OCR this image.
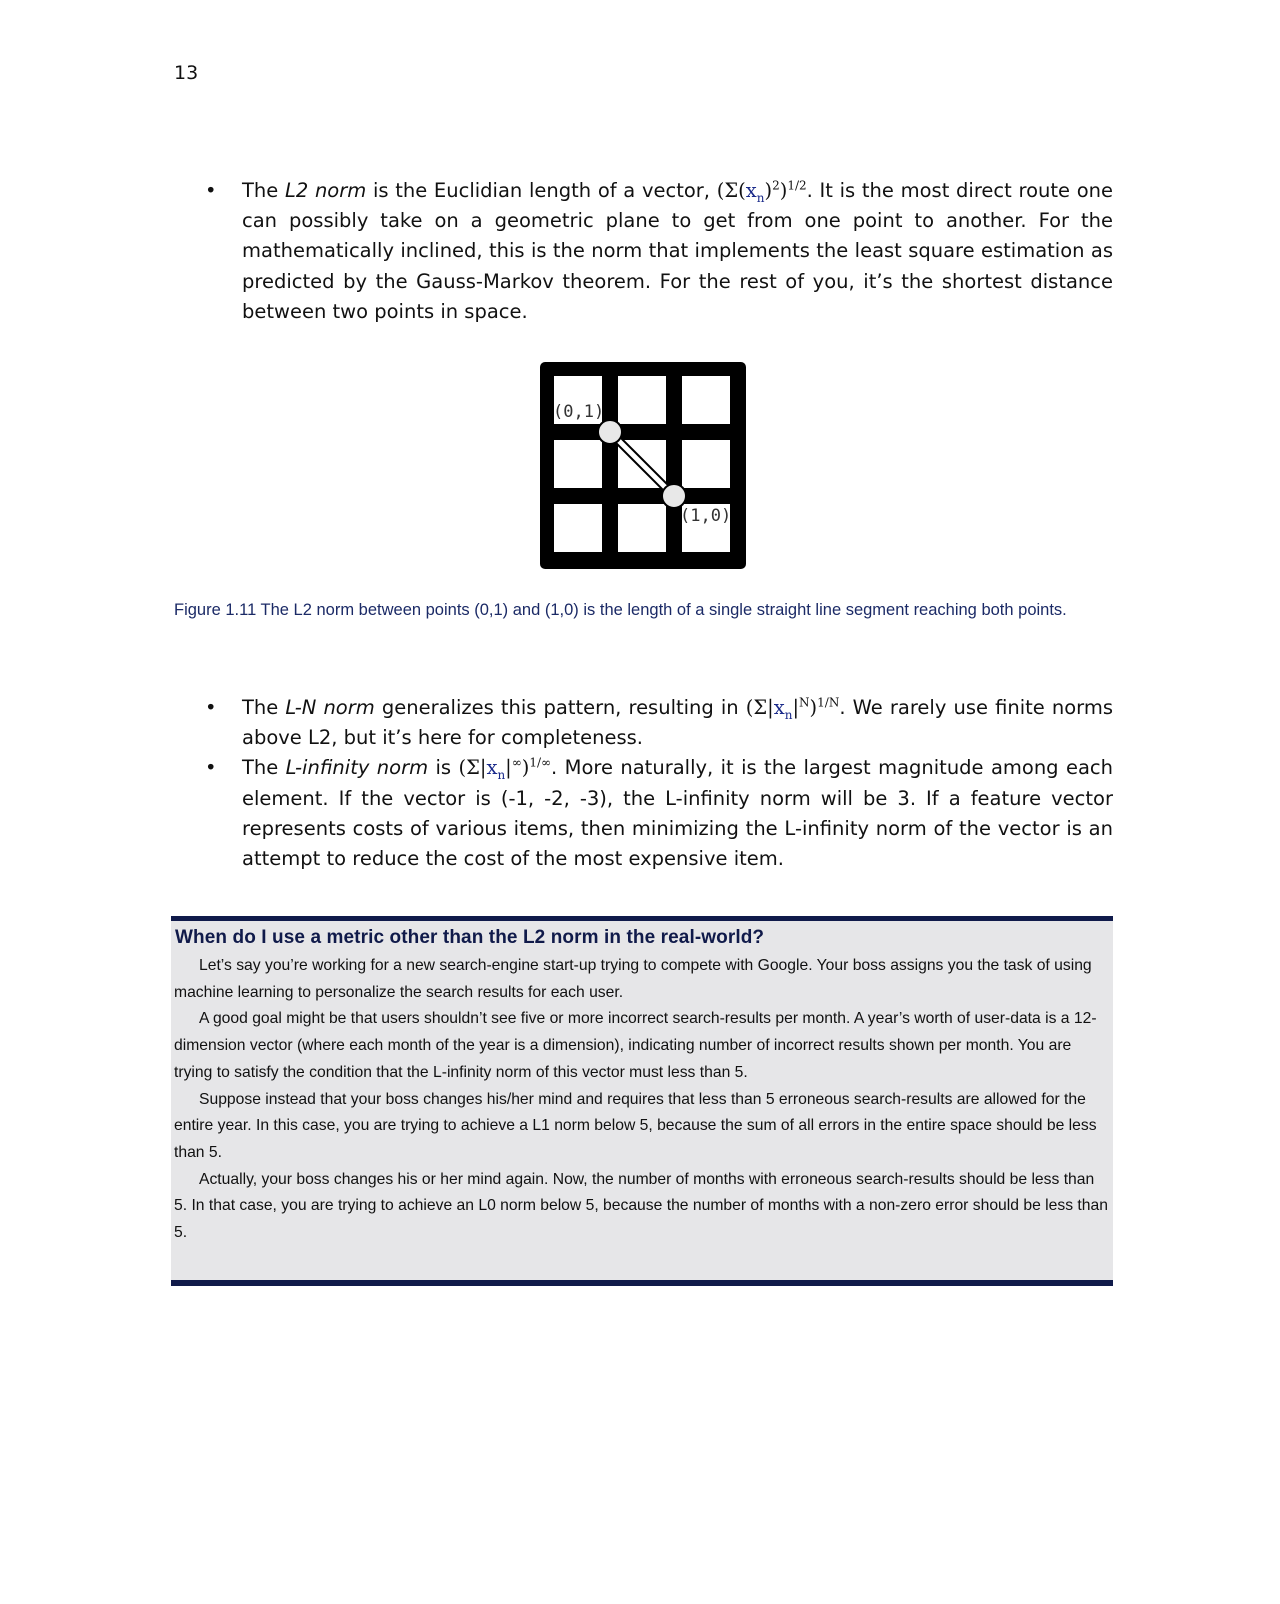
13
• The L2 norm is the Euclidian length of a vector, $(\Sigma(x_n)^2)^{1/2}$. It is the most direct route one can possibly take on a geometric plane to get from one point to another. For the mathematically inclined, this is the norm that implements the least square estimation as predicted by the Gauss-Markov theorem. For the rest of you, it’s the shortest distance between two points in space.
(0,1)
(1,0)
Figure 1.11 The L2 norm between points (0,1) and (1,0) is the length of a single straight line segment reaching both points.
• The L-N norm generalizes this pattern, resulting in $(\Sigma|x_n|^N)^{1/N}$. We rarely use finite norms above L2, but it’s here for completeness.
• The L-infinity norm is $(\Sigma|x_n|^\infty)^{1/\infty}$. More naturally, it is the largest magnitude among each element. If the vector is (-1, -2, -3), the L-infinity norm will be 3. If a feature vector represents costs of various items, then minimizing the L-infinity norm of the vector is an attempt to reduce the cost of the most expensive item.
When do I use a metric other than the L2 norm in the real-world?

Let’s say you’re working for a new search-engine start-up trying to compete with Google. Your boss assigns you the task of using machine learning to personalize the search results for each user.

A good goal might be that users shouldn’t see five or more incorrect search-results per month. A year’s worth of user-data is a 12-dimension vector (where each month of the year is a dimension), indicating number of incorrect results shown per month. You are trying to satisfy the condition that the L-infinity norm of this vector must less than 5.

Suppose instead that your boss changes his/her mind and requires that less than 5 erroneous search-results are allowed for the entire year. In this case, you are trying to achieve a L1 norm below 5, because the sum of all errors in the entire space should be less than 5.

Actually, your boss changes his or her mind again. Now, the number of months with erroneous search-results should be less than 5. In that case, you are trying to achieve an L0 norm below 5, because the number of months with a non-zero error should be less than 5.
